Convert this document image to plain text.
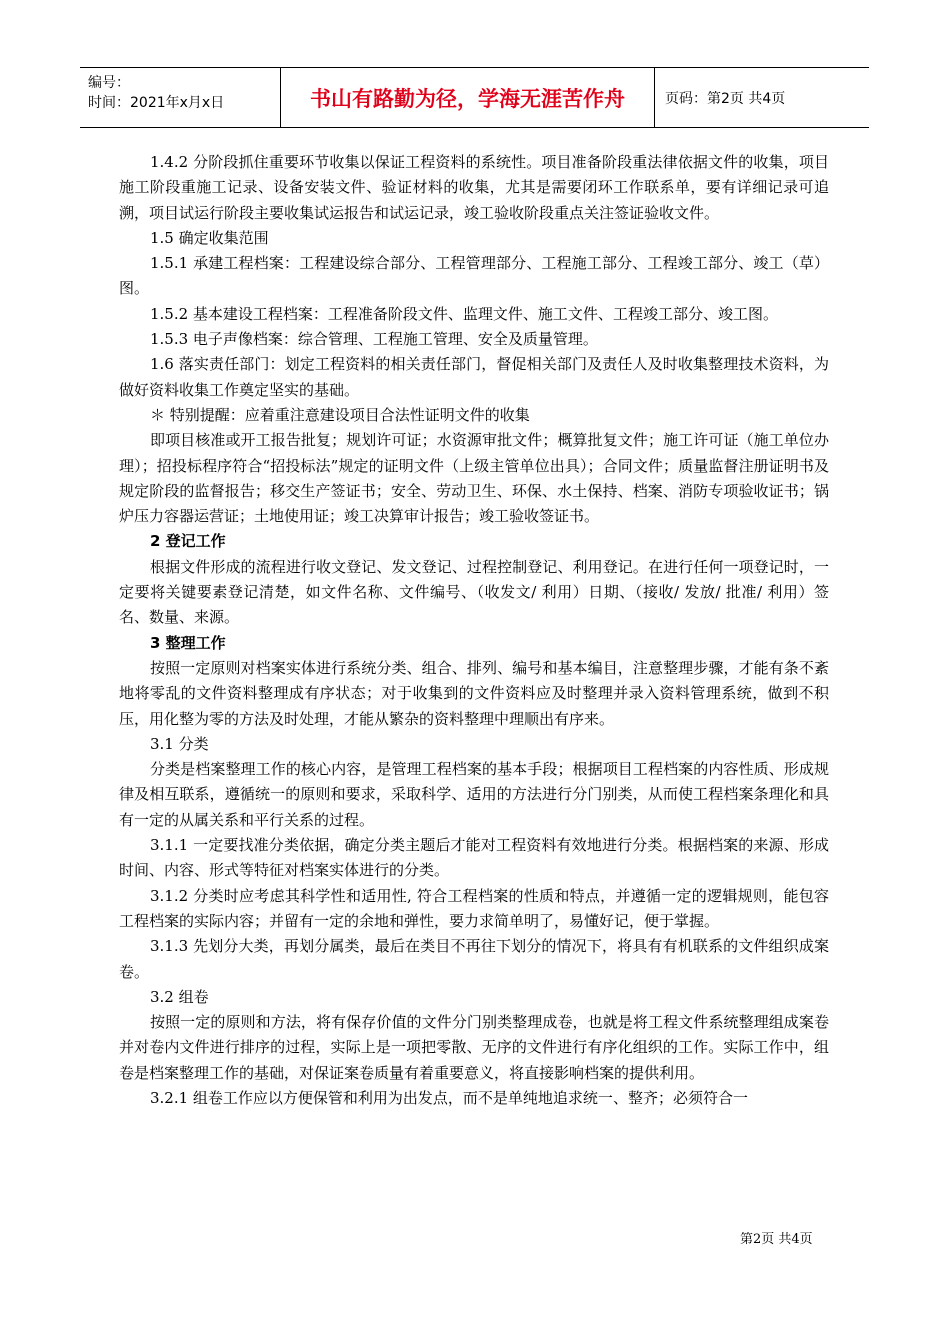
编号：
时间：2021年x月x日	书山有路勤为径，学海无涯苦作舟	页码：第2页 共4页

1.4.2 分阶段抓住重要环节收集以保证工程资料的系统性。项目准备阶段重法律依据文件的收集，项目施工阶段重施工记录、设备安装文件、验证材料的收集，尤其是需要闭环工作联系单，要有详细记录可追溯，项目试运行阶段主要收集试运报告和试运记录，竣工验收阶段重点关注签证验收文件。

1.5 确定收集范围

1.5.1 承建工程档案：工程建设综合部分、工程管理部分、工程施工部分、工程竣工部分、竣工（草）图。

1.5.2 基本建设工程档案：工程准备阶段文件、监理文件、施工文件、工程竣工部分、竣工图。

1.5.3 电子声像档案：综合管理、工程施工管理、安全及质量管理。

1.6 落实责任部门：划定工程资料的相关责任部门，督促相关部门及责任人及时收集整理技术资料，为做好资料收集工作奠定坚实的基础。

＊ 特别提醒：应着重注意建设项目合法性证明文件的收集

即项目核准或开工报告批复；规划许可证；水资源审批文件；概算批复文件；施工许可证（施工单位办理）；招投标程序符合“招投标法”规定的证明文件（上级主管单位出具）；合同文件；质量监督注册证明书及规定阶段的监督报告；移交生产签证书；安全、劳动卫生、环保、水土保持、档案、消防专项验收证书；锅炉压力容器运营证；土地使用证；竣工决算审计报告；竣工验收签证书。

2 登记工作

根据文件形成的流程进行收文登记、发文登记、过程控制登记、利用登记。在进行任何一项登记时，一定要将关键要素登记清楚，如文件名称、文件编号、（收发文/ 利用）日期、（接收/ 发放/ 批准/ 利用）签名、数量、来源。

3 整理工作

按照一定原则对档案实体进行系统分类、组合、排列、编号和基本编目，注意整理步骤，才能有条不紊地将零乱的文件资料整理成有序状态；对于收集到的文件资料应及时整理并录入资料管理系统，做到不积压，用化整为零的方法及时处理，才能从繁杂的资料整理中理顺出有序来。

3.1 分类

分类是档案整理工作的核心内容，是管理工程档案的基本手段；根据项目工程档案的内容性质、形成规律及相互联系，遵循统一的原则和要求，采取科学、适用的方法进行分门别类，从而使工程档案条理化和具有一定的从属关系和平行关系的过程。

3.1.1 一定要找准分类依据，确定分类主题后才能对工程资料有效地进行分类。根据档案的来源、形成时间、内容、形式等特征对档案实体进行的分类。

3.1.2 分类时应考虑其科学性和适用性, 符合工程档案的性质和特点，并遵循一定的逻辑规则，能包容工程档案的实际内容；并留有一定的余地和弹性，要力求简单明了，易懂好记，便于掌握。

3.1.3 先划分大类，再划分属类，最后在类目不再往下划分的情况下，将具有有机联系的文件组织成案卷。

3.2 组卷

按照一定的原则和方法，将有保存价值的文件分门别类整理成卷，也就是将工程文件系统整理组成案卷并对卷内文件进行排序的过程，实际上是一项把零散、无序的文件进行有序化组织的工作。实际工作中，组卷是档案整理工作的基础，对保证案卷质量有着重要意义，将直接影响档案的提供利用。

3.2.1 组卷工作应以方便保管和利用为出发点，而不是单纯地追求统一、整齐；必须符合一

第2页 共4页
